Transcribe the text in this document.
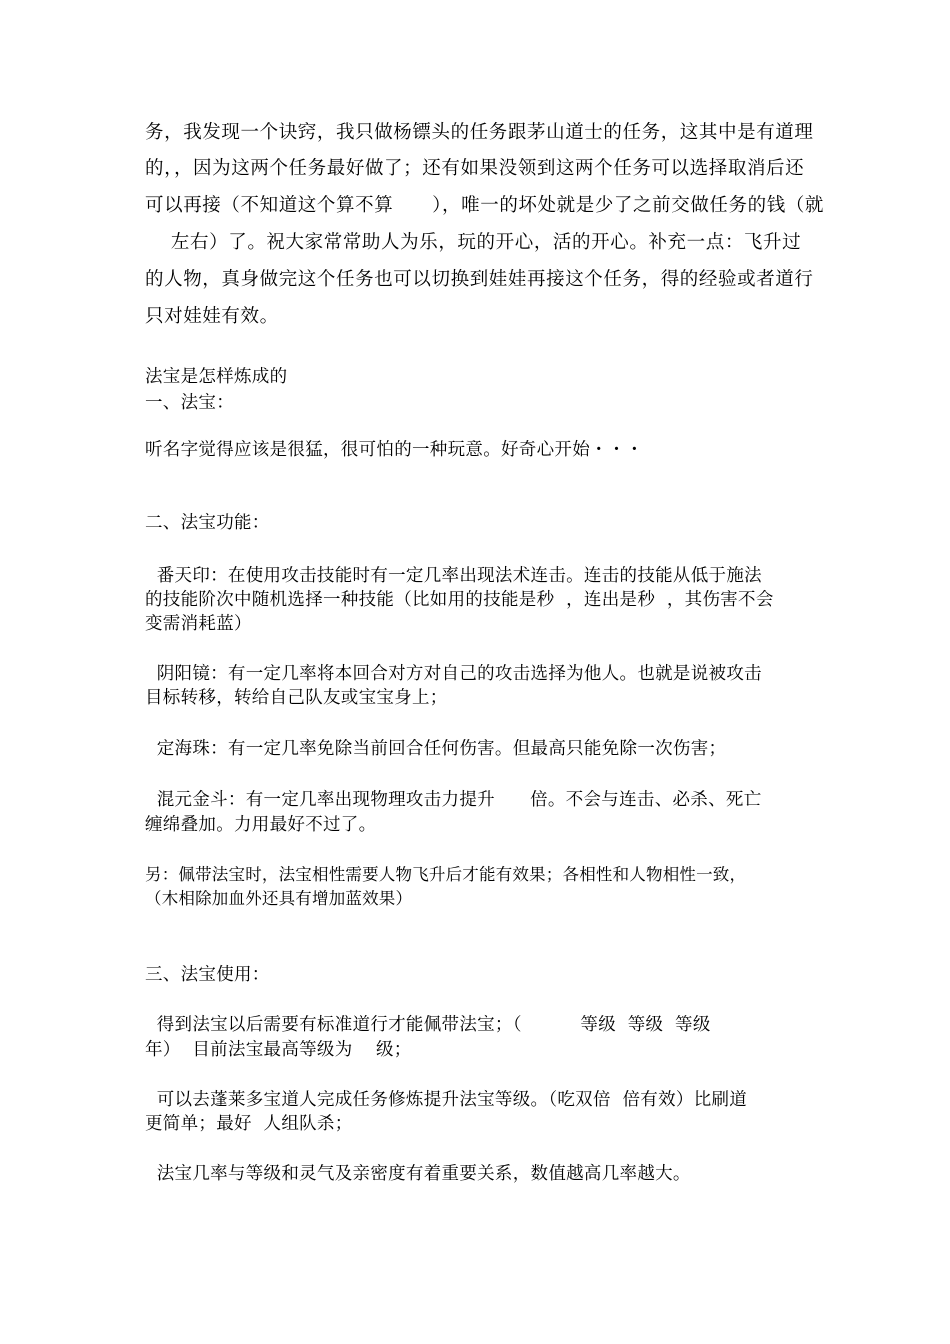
务，我发现一个诀窍，我只做杨镖头的任务跟茅山道士的任务，这其中是有道理
的，，因为这两个任务最好做了；还有如果没领到这两个任务可以选择取消后还
可以再接（不知道这个算不算      ），唯一的坏处就是少了之前交做任务的钱（就
左右）了。祝大家常常助人为乐，玩的开心，活的开心。补充一点：飞升过
的人物，真身做完这个任务也可以切换到娃娃再接这个任务，得的经验或者道行
只对娃娃有效。
法宝是怎样炼成的
一、法宝：
听名字觉得应该是很猛，很可怕的一种玩意。好奇心开始・・・
二、法宝功能：
番天印：在使用攻击技能时有一定几率出现法术连击。连击的技能从低于施法
的技能阶次中随机选择一种技能（比如用的技能是秒  ，连出是秒  ，其伤害不会
变需消耗蓝）
阴阳镜：有一定几率将本回合对方对自己的攻击选择为他人。也就是说被攻击
目标转移，转给自己队友或宝宝身上；
定海珠：有一定几率免除当前回合任何伤害。但最高只能免除一次伤害；
混元金斗：有一定几率出现物理攻击力提升      倍。不会与连击、必杀、死亡
缠绵叠加。力用最好不过了。
另：佩带法宝时，法宝相性需要人物飞升后才能有效果；各相性和人物相性一致，
（木相除加血外还具有增加蓝效果）
三、法宝使用：
得到法宝以后需要有标准道行才能佩带法宝；（          等级  等级  等级
年）  目前法宝最高等级为    级；
可以去蓬莱多宝道人完成任务修炼提升法宝等级。（吃双倍  倍有效）比刷道
更简单；最好  人组队杀；
法宝几率与等级和灵气及亲密度有着重要关系，数值越高几率越大。
